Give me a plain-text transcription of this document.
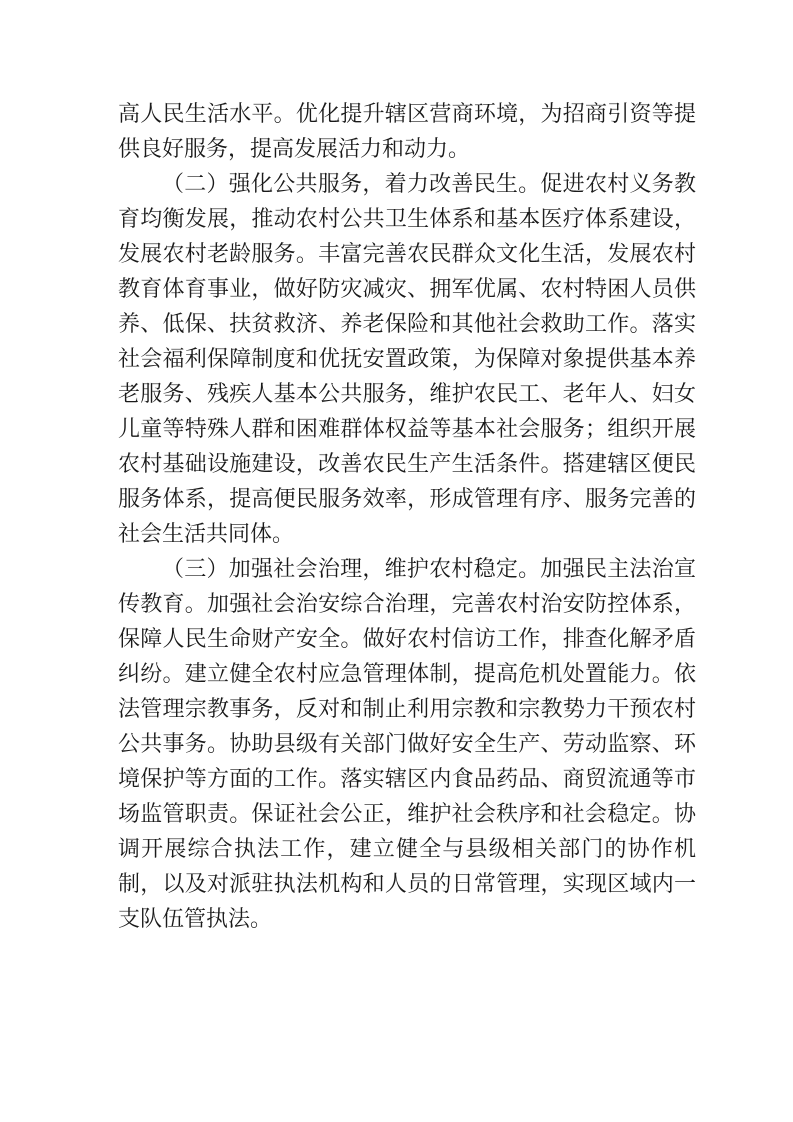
高人民生活水平。优化提升辖区营商环境，为招商引资等提
供良好服务，提高发展活力和动力。
（二）强化公共服务，着力改善民生。促进农村义务教
育均衡发展，推动农村公共卫生体系和基本医疗体系建设，
发展农村老龄服务。丰富完善农民群众文化生活，发展农村
教育体育事业，做好防灾减灾、拥军优属、农村特困人员供
养、低保、扶贫救济、养老保险和其他社会救助工作。落实
社会福利保障制度和优抚安置政策，为保障对象提供基本养
老服务、残疾人基本公共服务，维护农民工、老年人、妇女
儿童等特殊人群和困难群体权益等基本社会服务；组织开展
农村基础设施建设，改善农民生产生活条件。搭建辖区便民
服务体系，提高便民服务效率，形成管理有序、服务完善的
社会生活共同体。
（三）加强社会治理，维护农村稳定。加强民主法治宣
传教育。加强社会治安综合治理，完善农村治安防控体系，
保障人民生命财产安全。做好农村信访工作，排查化解矛盾
纠纷。建立健全农村应急管理体制，提高危机处置能力。依
法管理宗教事务，反对和制止利用宗教和宗教势力干预农村
公共事务。协助县级有关部门做好安全生产、劳动监察、环
境保护等方面的工作。落实辖区内食品药品、商贸流通等市
场监管职责。保证社会公正，维护社会秩序和社会稳定。协
调开展综合执法工作，建立健全与县级相关部门的协作机
制，以及对派驻执法机构和人员的日常管理，实现区域内一
支队伍管执法。
